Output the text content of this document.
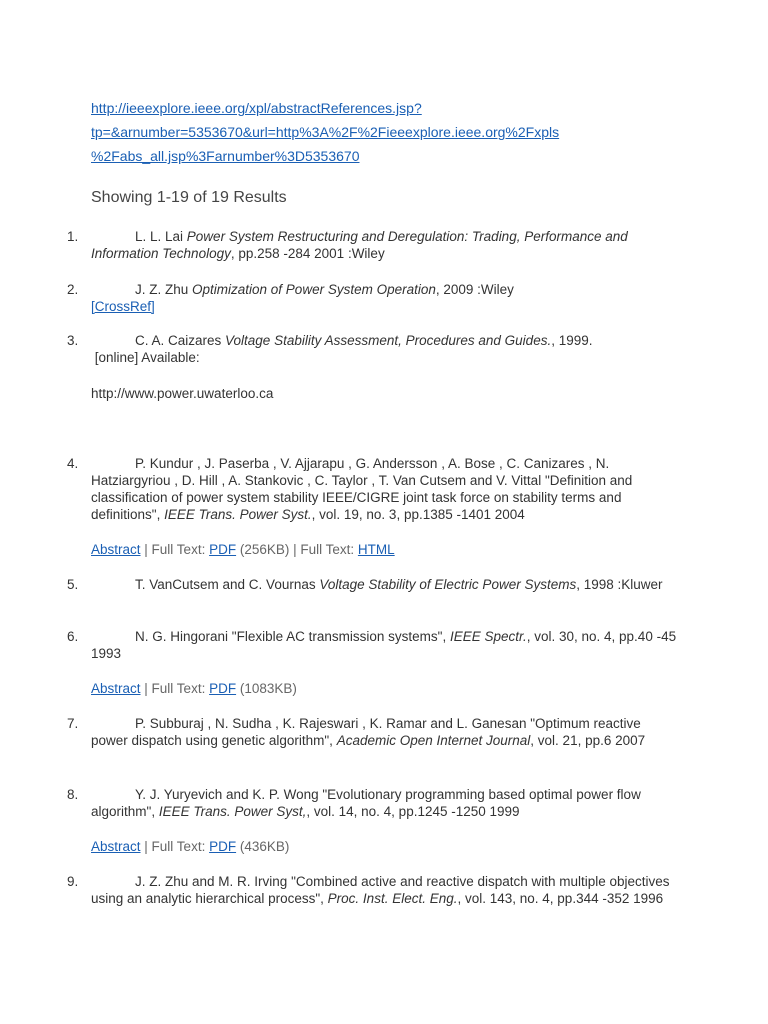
http://ieeexplore.ieee.org/xpl/abstractReferences.jsp?
tp=&arnumber=5353670&url=http%3A%2F%2Fieeexplore.ieee.org%2Fxpls
%2Fabs_all.jsp%3Farnumber%3D5353670
Showing 1-19 of 19 Results
1.	L. L. Lai Power System Restructuring and Deregulation: Trading, Performance and Information Technology, pp.258 -284 2001 :Wiley
2.	J. Z. Zhu Optimization of Power System Operation, 2009 :Wiley
[CrossRef]
3.	C. A. Caizares Voltage Stability Assessment, Procedures and Guides., 1999.
[online] Available:
http://www.power.uwaterloo.ca
4.	P. Kundur , J. Paserba , V. Ajjarapu , G. Andersson , A. Bose , C. Canizares , N. Hatziargyriou , D. Hill , A. Stankovic , C. Taylor , T. Van Cutsem and V. Vittal "Definition and classification of power system stability IEEE/CIGRE joint task force on stability terms and definitions", IEEE Trans. Power Syst., vol. 19, no. 3, pp.1385 -1401 2004
Abstract | Full Text: PDF (256KB) | Full Text: HTML
5.	T. VanCutsem and C. Vournas Voltage Stability of Electric Power Systems, 1998 :Kluwer
6.	N. G. Hingorani "Flexible AC transmission systems", IEEE Spectr., vol. 30, no. 4, pp.40 -45 1993
Abstract | Full Text: PDF (1083KB)
7.	P. Subburaj , N. Sudha , K. Rajeswari , K. Ramar and L. Ganesan "Optimum reactive power dispatch using genetic algorithm", Academic Open Internet Journal, vol. 21, pp.6 2007
8.	Y. J. Yuryevich and K. P. Wong "Evolutionary programming based optimal power flow algorithm", IEEE Trans. Power Syst,, vol. 14, no. 4, pp.1245 -1250 1999
Abstract | Full Text: PDF (436KB)
9.	J. Z. Zhu and M. R. Irving "Combined active and reactive dispatch with multiple objectives using an analytic hierarchical process", Proc. Inst. Elect. Eng., vol. 143, no. 4, pp.344 -352 1996
